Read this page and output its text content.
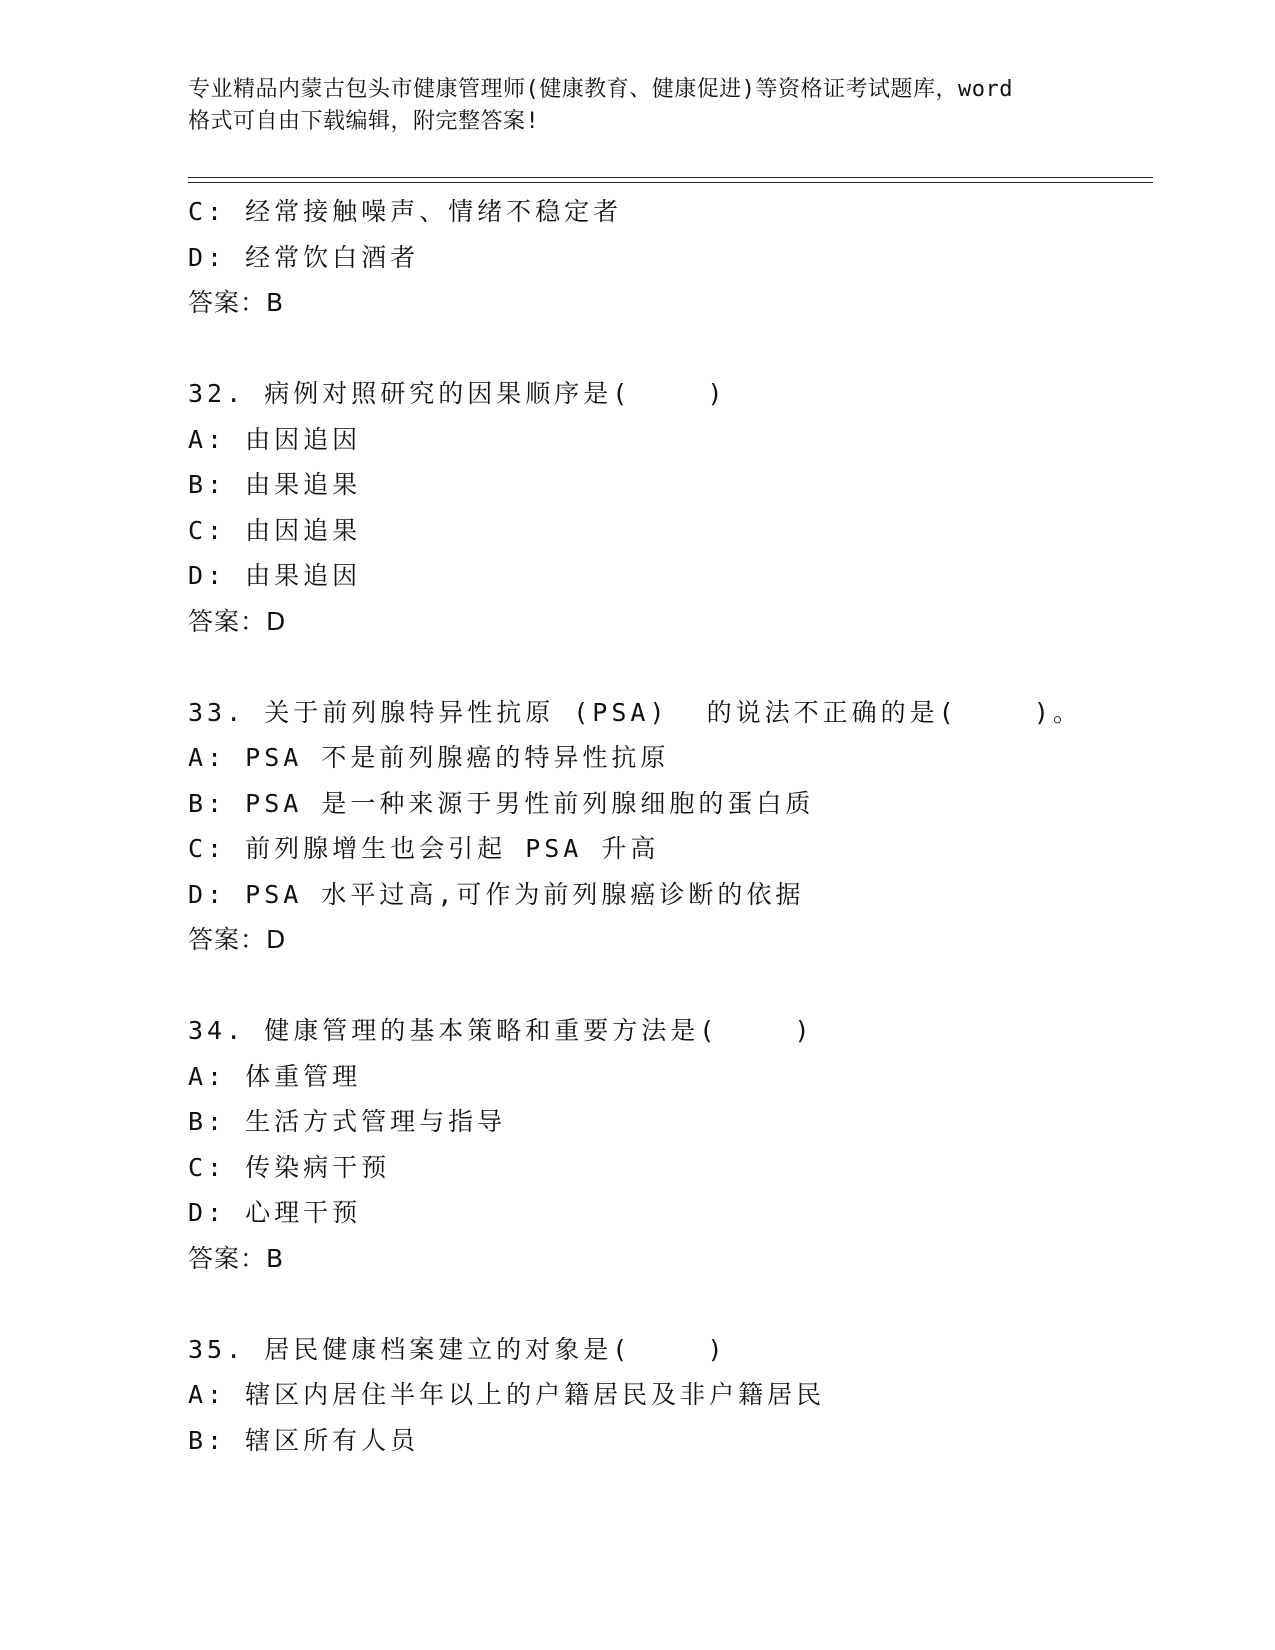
专业精品内蒙古包头市健康管理师(健康教育、健康促进)等资格证考试题库，word
格式可自由下载编辑，附完整答案!
C: 经常接触噪声、情绪不稳定者
D: 经常饮白酒者
答案：B
32. 病例对照研究的因果顺序是(    )
A: 由因追因
B: 由果追果
C: 由因追果
D: 由果追因
答案：D
33. 关于前列腺特异性抗原 (PSA)  的说法不正确的是(    )。
A: PSA 不是前列腺癌的特异性抗原
B: PSA 是一种来源于男性前列腺细胞的蛋白质
C: 前列腺增生也会引起 PSA 升高
D: PSA 水平过高,可作为前列腺癌诊断的依据
答案：D
34. 健康管理的基本策略和重要方法是(    )
A: 体重管理
B: 生活方式管理与指导
C: 传染病干预
D: 心理干预
答案：B
35. 居民健康档案建立的对象是(    )
A: 辖区内居住半年以上的户籍居民及非户籍居民
B: 辖区所有人员
